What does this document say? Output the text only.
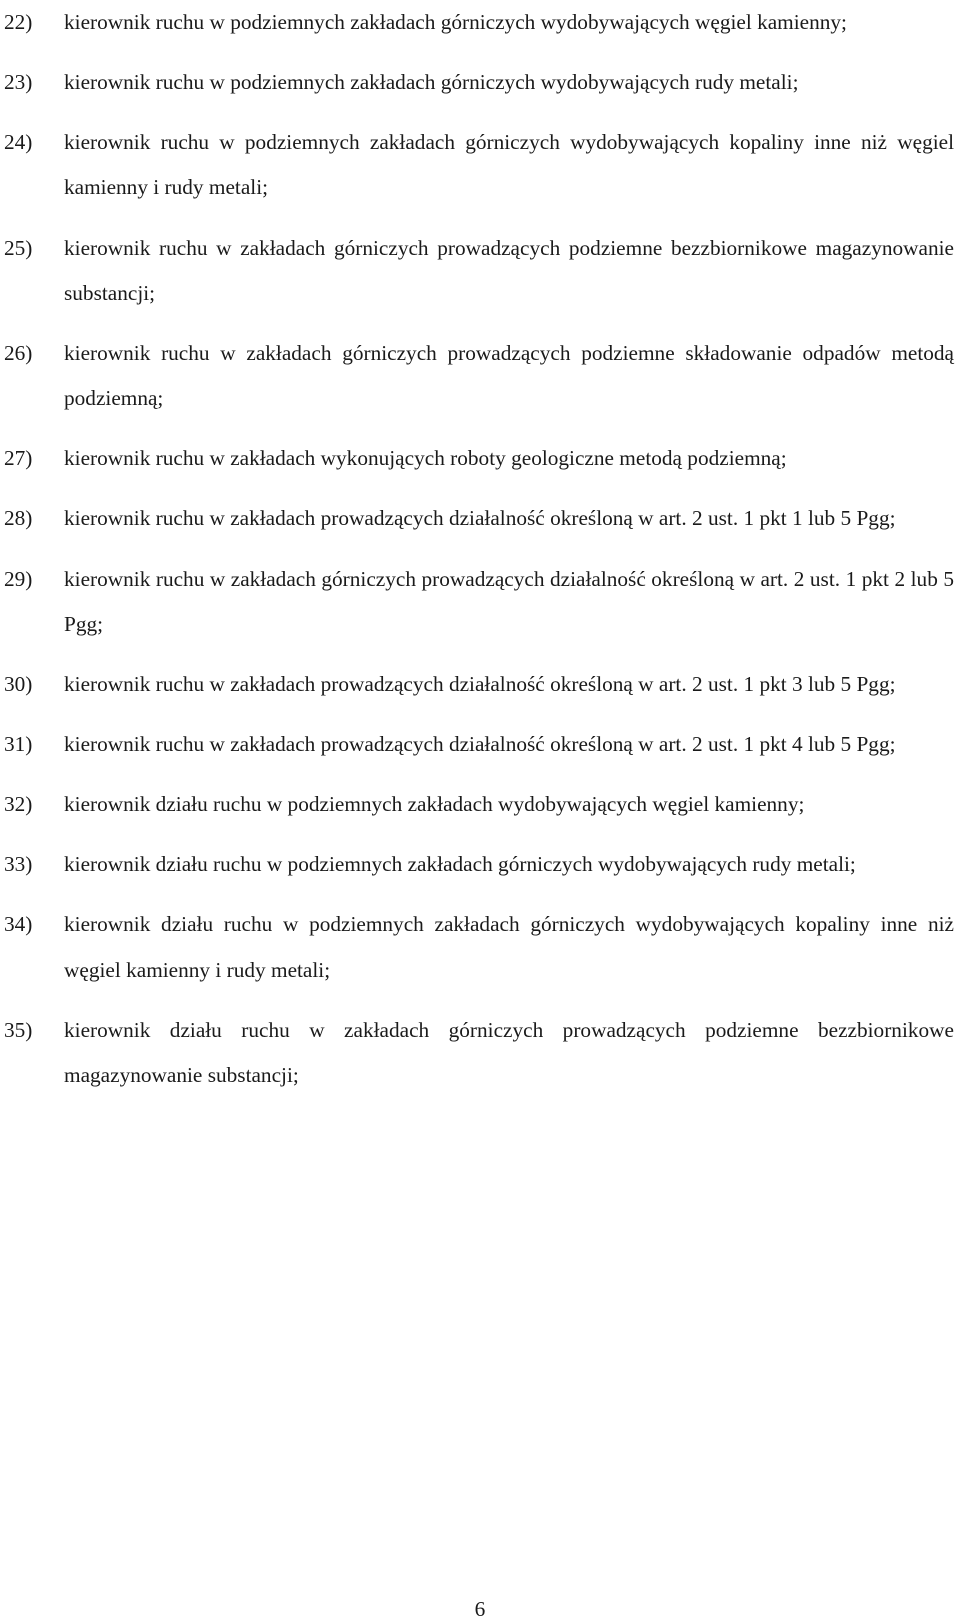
22)	kierownik ruchu w podziemnych zakładach górniczych wydobywających węgiel kamienny;
23)	kierownik ruchu w podziemnych zakładach górniczych wydobywających rudy metali;
24)	kierownik ruchu w podziemnych zakładach górniczych wydobywających kopaliny inne niż węgiel kamienny i rudy metali;
25)	kierownik ruchu w zakładach górniczych prowadzących podziemne bezzbiornikowe magazynowanie substancji;
26)	kierownik ruchu w zakładach górniczych prowadzących podziemne składowanie odpadów metodą podziemną;
27)	kierownik ruchu w zakładach wykonujących roboty geologiczne metodą podziemną;
28)	kierownik ruchu w zakładach prowadzących działalność określoną w art. 2 ust. 1 pkt 1 lub 5 Pgg;
29)	kierownik ruchu w zakładach górniczych prowadzących działalność określoną w art. 2 ust. 1 pkt 2 lub 5 Pgg;
30)	kierownik ruchu w zakładach prowadzących działalność określoną w art. 2 ust. 1 pkt 3 lub 5 Pgg;
31)	kierownik ruchu w zakładach prowadzących działalność określoną w art. 2 ust. 1 pkt 4 lub 5 Pgg;
32)	kierownik działu ruchu w podziemnych zakładach wydobywających węgiel kamienny;
33)	kierownik działu ruchu w podziemnych zakładach górniczych wydobywających rudy metali;
34)	kierownik działu ruchu w podziemnych zakładach górniczych wydobywających kopaliny inne niż węgiel kamienny i rudy metali;
35)	kierownik działu ruchu w zakładach górniczych prowadzących podziemne bezzbiornikowe magazynowanie substancji;
6
